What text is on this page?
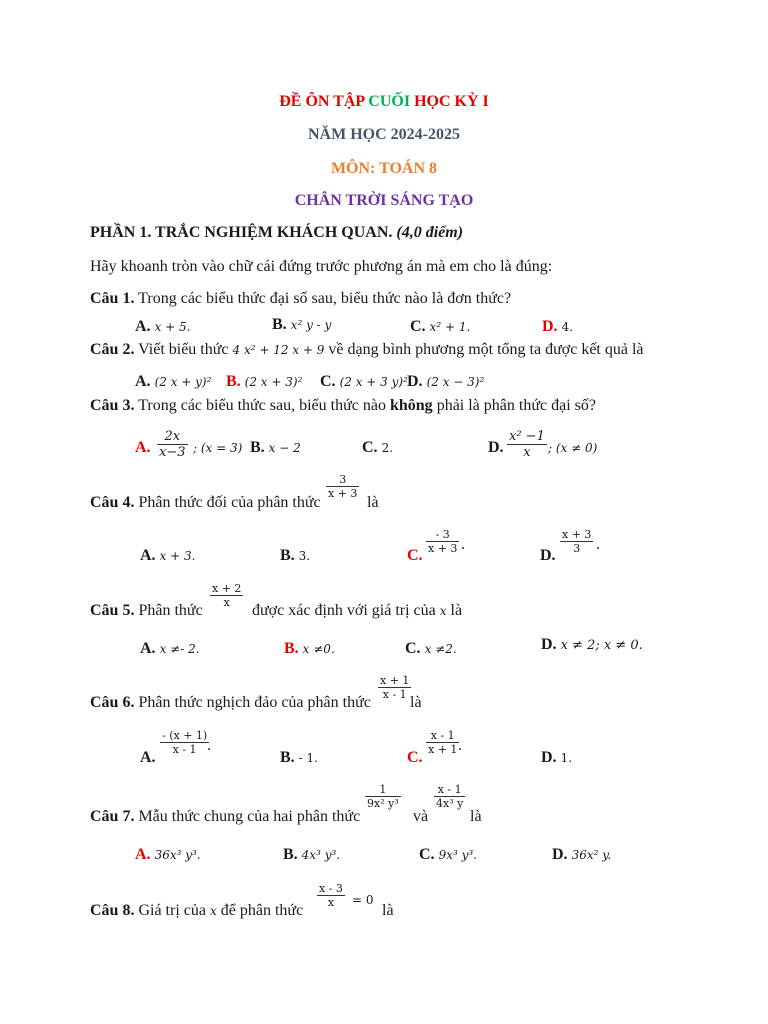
ĐỀ ÔN TẬP CUỐI HỌC KỲ I
NĂM HỌC 2024-2025
MÔN: TOÁN 8
CHÂN TRỜI SÁNG TẠO
PHẦN 1. TRẮC NGHIỆM KHÁCH QUAN. (4,0 điểm)
Hãy khoanh tròn vào chữ cái đứng trước phương án mà em cho là đúng:
Câu 1. Trong các biểu thức đại số sau, biểu thức nào là đơn thức?
A. x + 5.	B. x² y - y	C. x² + 1.	D. 4.
Câu 2. Viết biểu thức 4 x² + 12 x + 9 về dạng bình phương một tổng ta được kết quả là
A. (2 x + y)² B. (2 x + 3)² C. (2 x + 3 y)² D. (2 x − 3)²
Câu 3. Trong các biểu thức sau, biểu thức nào không phải là phân thức đại số?
A. $\frac{2x}{x-3}$ ; (x = 3) B. x − 2	C. 2.	D. $\frac{\text{x² −1}}{x}$ ; (x ≠ 0)
Câu 4. Phân thức đối của phân thức
$\frac{3}{x + 3}$
là
A. x + 3.	B. 3.	C.
$\frac{- 3}{x + 3}$ .
D.
$\frac{x + 3}{3}$ .
Câu 5. Phân thức
$\frac{x + 2}{x}$
được xác định với giá trị của x là
A. x ≠- 2.	B. x ≠0.	C. x ≠2.	D. x ≠ 2; x ≠ 0.
Câu 6. Phân thức nghịch đảo của phân thức
$\frac{x + 1}{x - 1}$
là
A.
$\frac{- (x + 1)}{x - 1}$
.
B. - 1.	C.
$\frac{x - 1}{x + 1}$
.
D. 1.
Câu 7. Mẫu thức chung của hai phân thức
$\frac{1}{\text{9x² y³}}$
và
$\frac{x - 1}{\text{4x³ y}}$
là
A. 36x³ y³.	B. 4x³ y³.	C. 9x³ y³.	D. 36x² y.
Câu 8. Giá trị của x để phân thức
$\frac{x - 3}{x} = 0$
là
